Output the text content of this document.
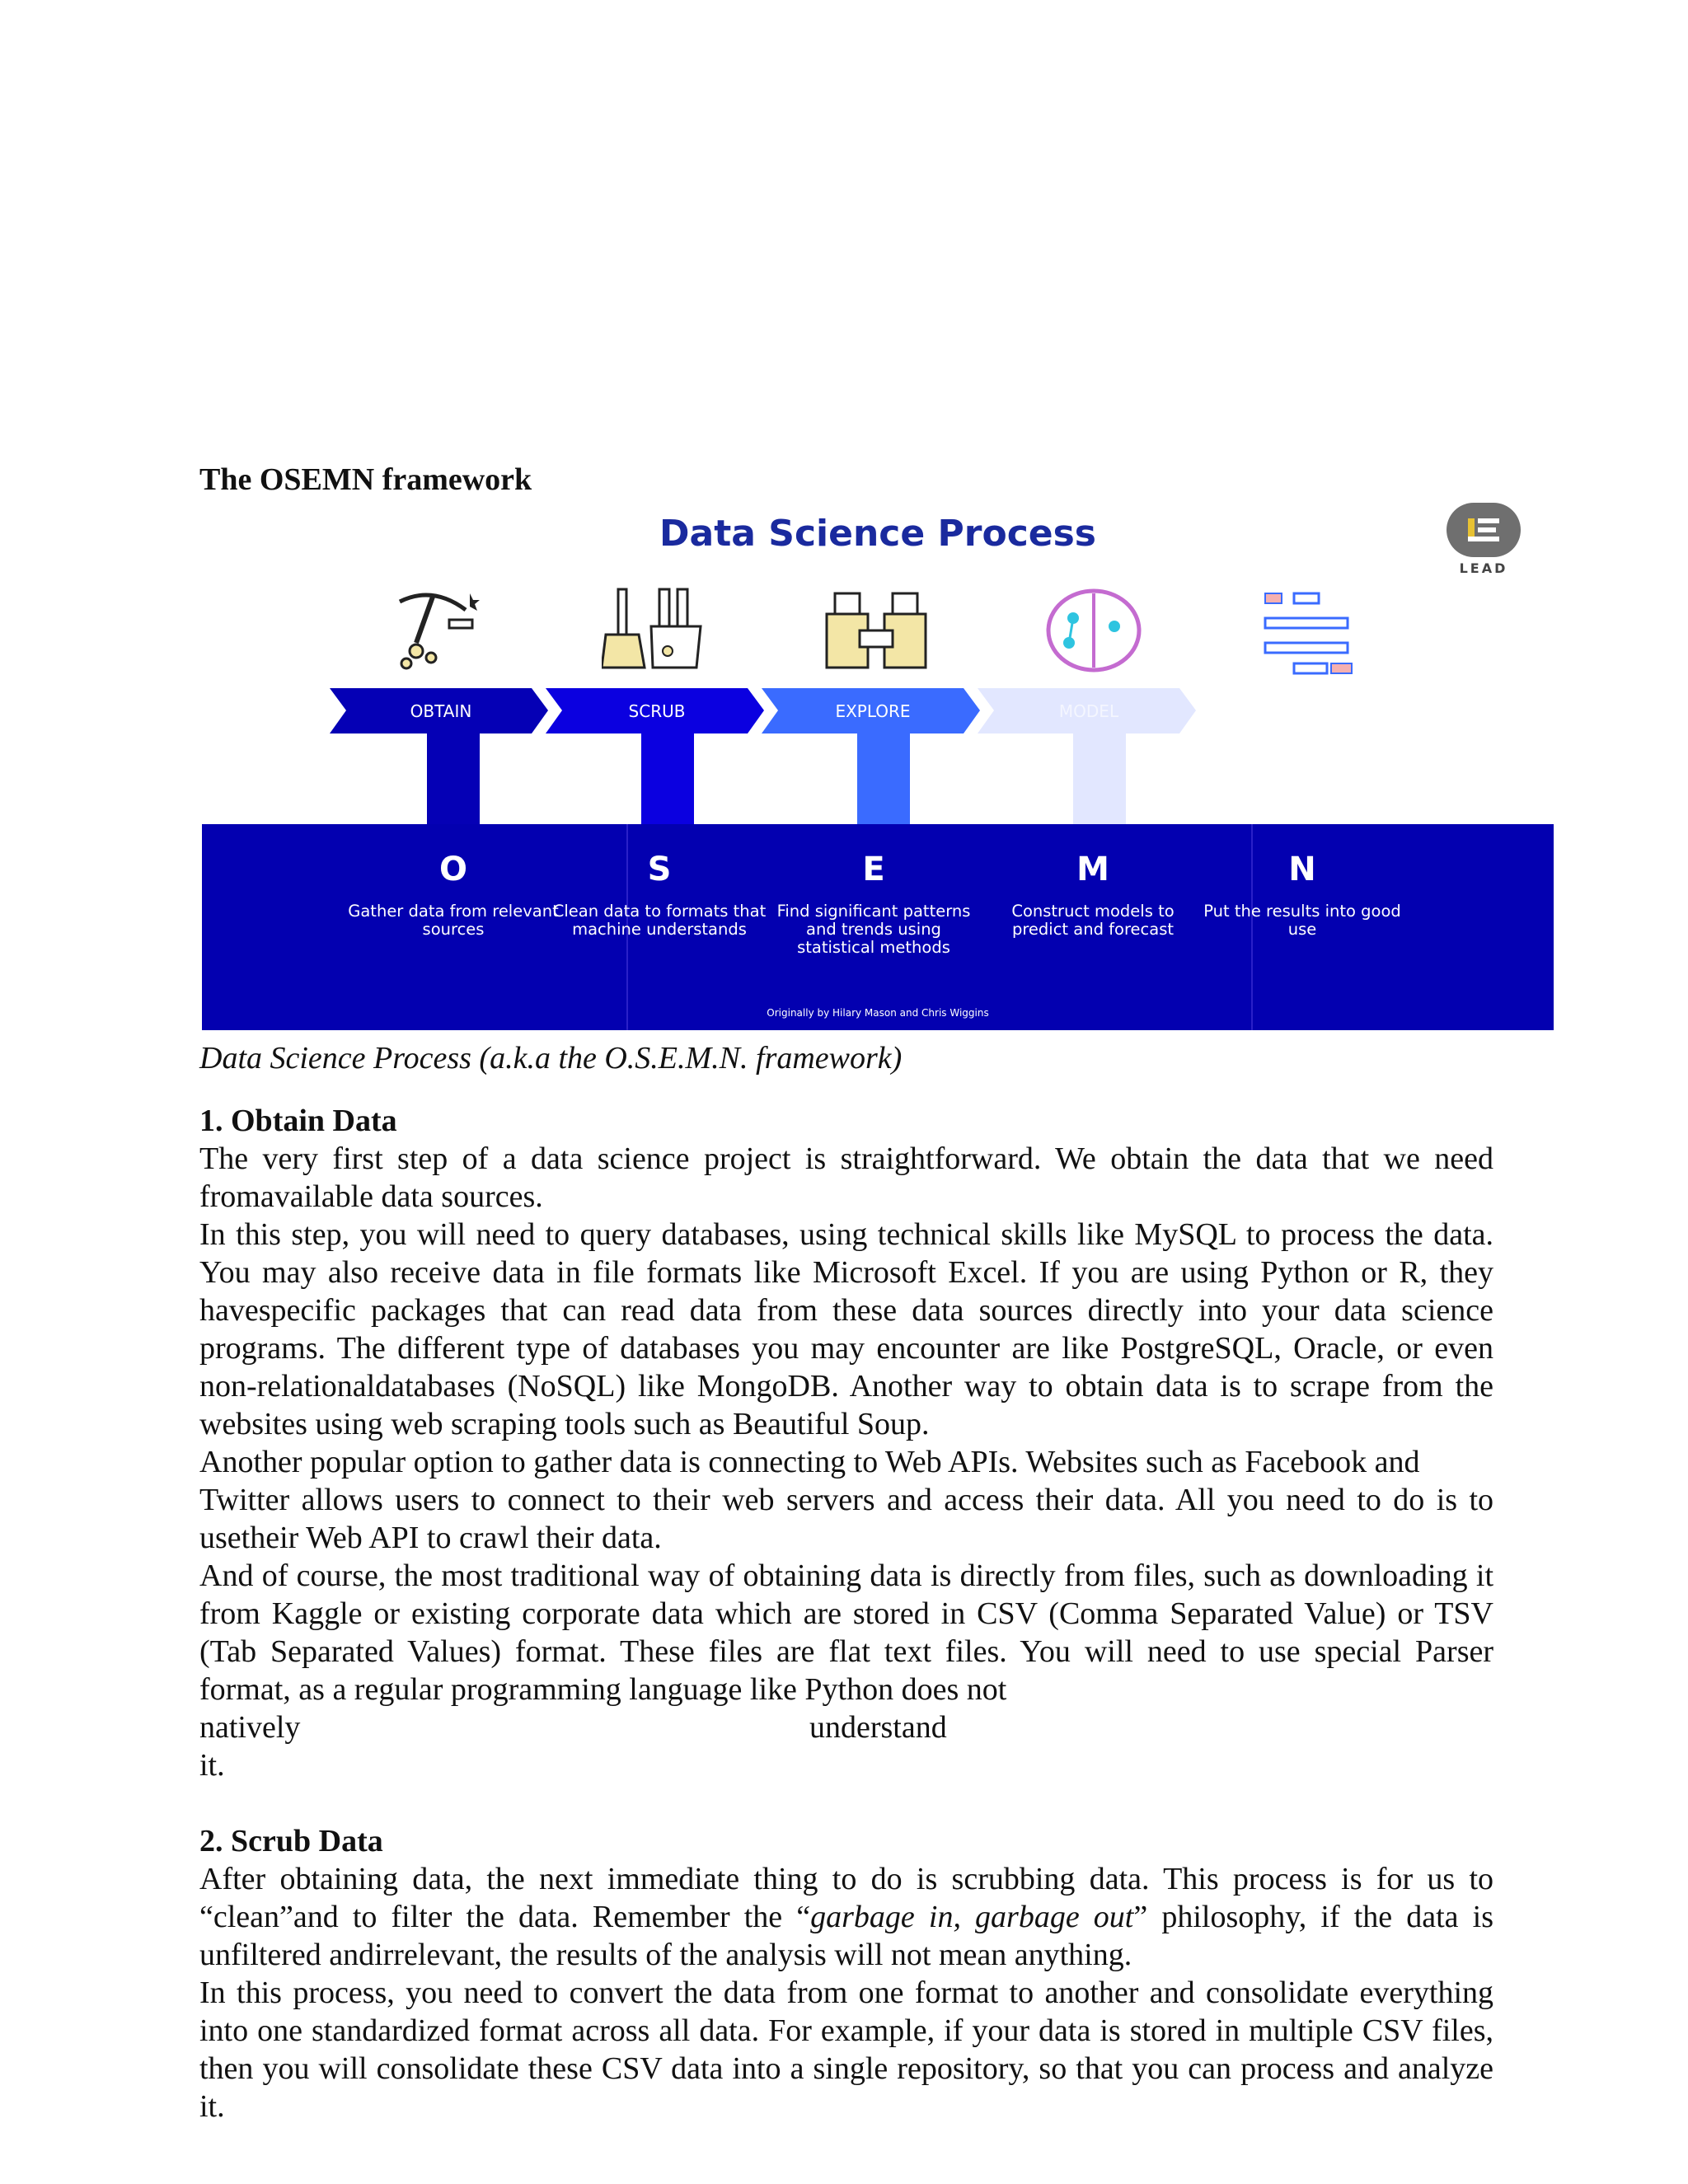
The OSEMN framework
Data Science Process
LEAD
OBTAIN	SCRUB	EXPLORE	MODEL
O	S	E	M	N
Gather data from relevant sources
Clean data to formats that machine understands
Find significant patterns and trends using statistical methods
Construct models to predict and forecast
Put the results into good use
Originally by Hilary Mason and Chris Wiggins

Data Science Process (a.k.a the O.S.E.M.N. framework)

1. Obtain Data

The very first step of a data science project is straightforward. We obtain the data that we need fromavailable data sources.

In this step, you will need to query databases, using technical skills like MySQL to process the data. You may also receive data in file formats like Microsoft Excel. If you are using Python or R, they havespecific packages that can read data from these data sources directly into your data science programs. The different type of databases you may encounter are like PostgreSQL, Oracle, or even non-relationaldatabases (NoSQL) like MongoDB. Another way to obtain data is to scrape from the websites using web scraping tools such as Beautiful Soup.

Another popular option to gather data is connecting to Web APIs. Websites such as Facebook and

Twitter allows users to connect to their web servers and access their data. All you need to do is to usetheir Web API to crawl their data.

And of course, the most traditional way of obtaining data is directly from files, such as downloading it from Kaggle or existing corporate data which are stored in CSV (Comma Separated Value) or TSV (Tab Separated Values) format. These files are flat text files. You will need to use special Parser format, as a regular programming language like Python does not

natively	understand

it.

2. Scrub Data

After obtaining data, the next immediate thing to do is scrubbing data. This process is for us to “clean”and to filter the data. Remember the “garbage in, garbage out” philosophy, if the data is unfiltered andirrelevant, the results of the analysis will not mean anything.

In this process, you need to convert the data from one format to another and consolidate everything into one standardized format across all data. For example, if your data is stored in multiple CSV files, then you will consolidate these CSV data into a single repository, so that you can process and analyze it.
